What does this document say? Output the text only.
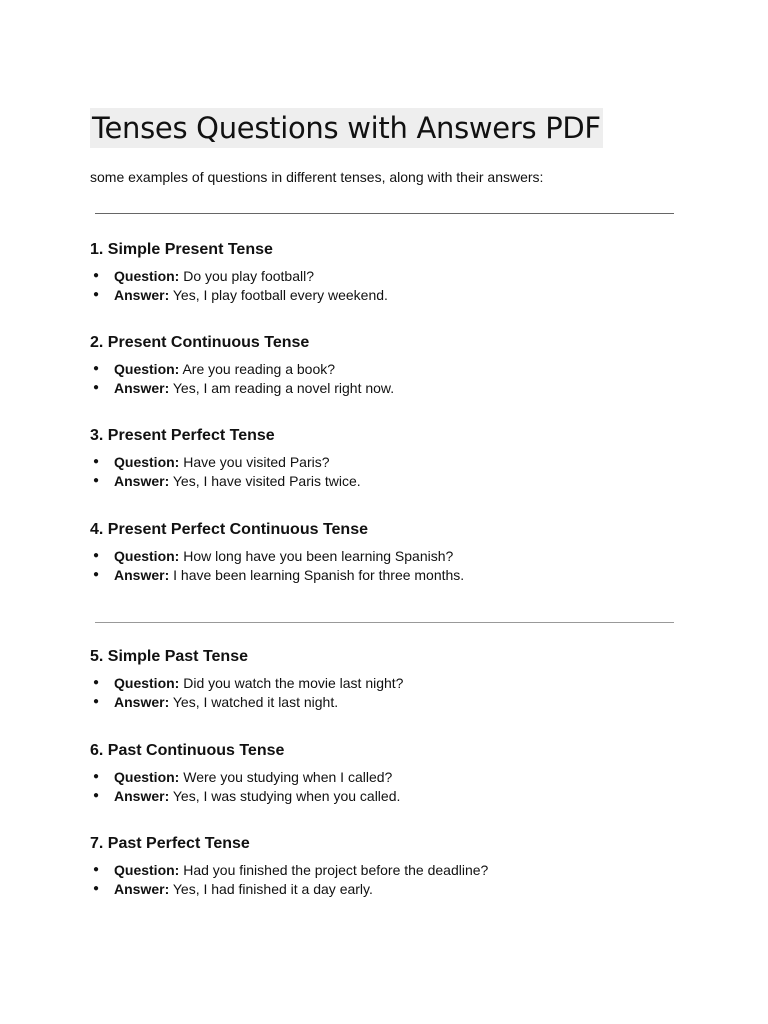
Tenses Questions with Answers PDF

some examples of questions in different tenses, along with their answers:

1. Simple Present Tense
● Question: Do you play football?
● Answer: Yes, I play football every weekend.
2. Present Continuous Tense
● Question: Are you reading a book?
● Answer: Yes, I am reading a novel right now.
3. Present Perfect Tense
● Question: Have you visited Paris?
● Answer: Yes, I have visited Paris twice.
4. Present Perfect Continuous Tense
● Question: How long have you been learning Spanish?
● Answer: I have been learning Spanish for three months.
5. Simple Past Tense
● Question: Did you watch the movie last night?
● Answer: Yes, I watched it last night.
6. Past Continuous Tense
● Question: Were you studying when I called?
● Answer: Yes, I was studying when you called.
7. Past Perfect Tense
● Question: Had you finished the project before the deadline?
● Answer: Yes, I had finished it a day early.
